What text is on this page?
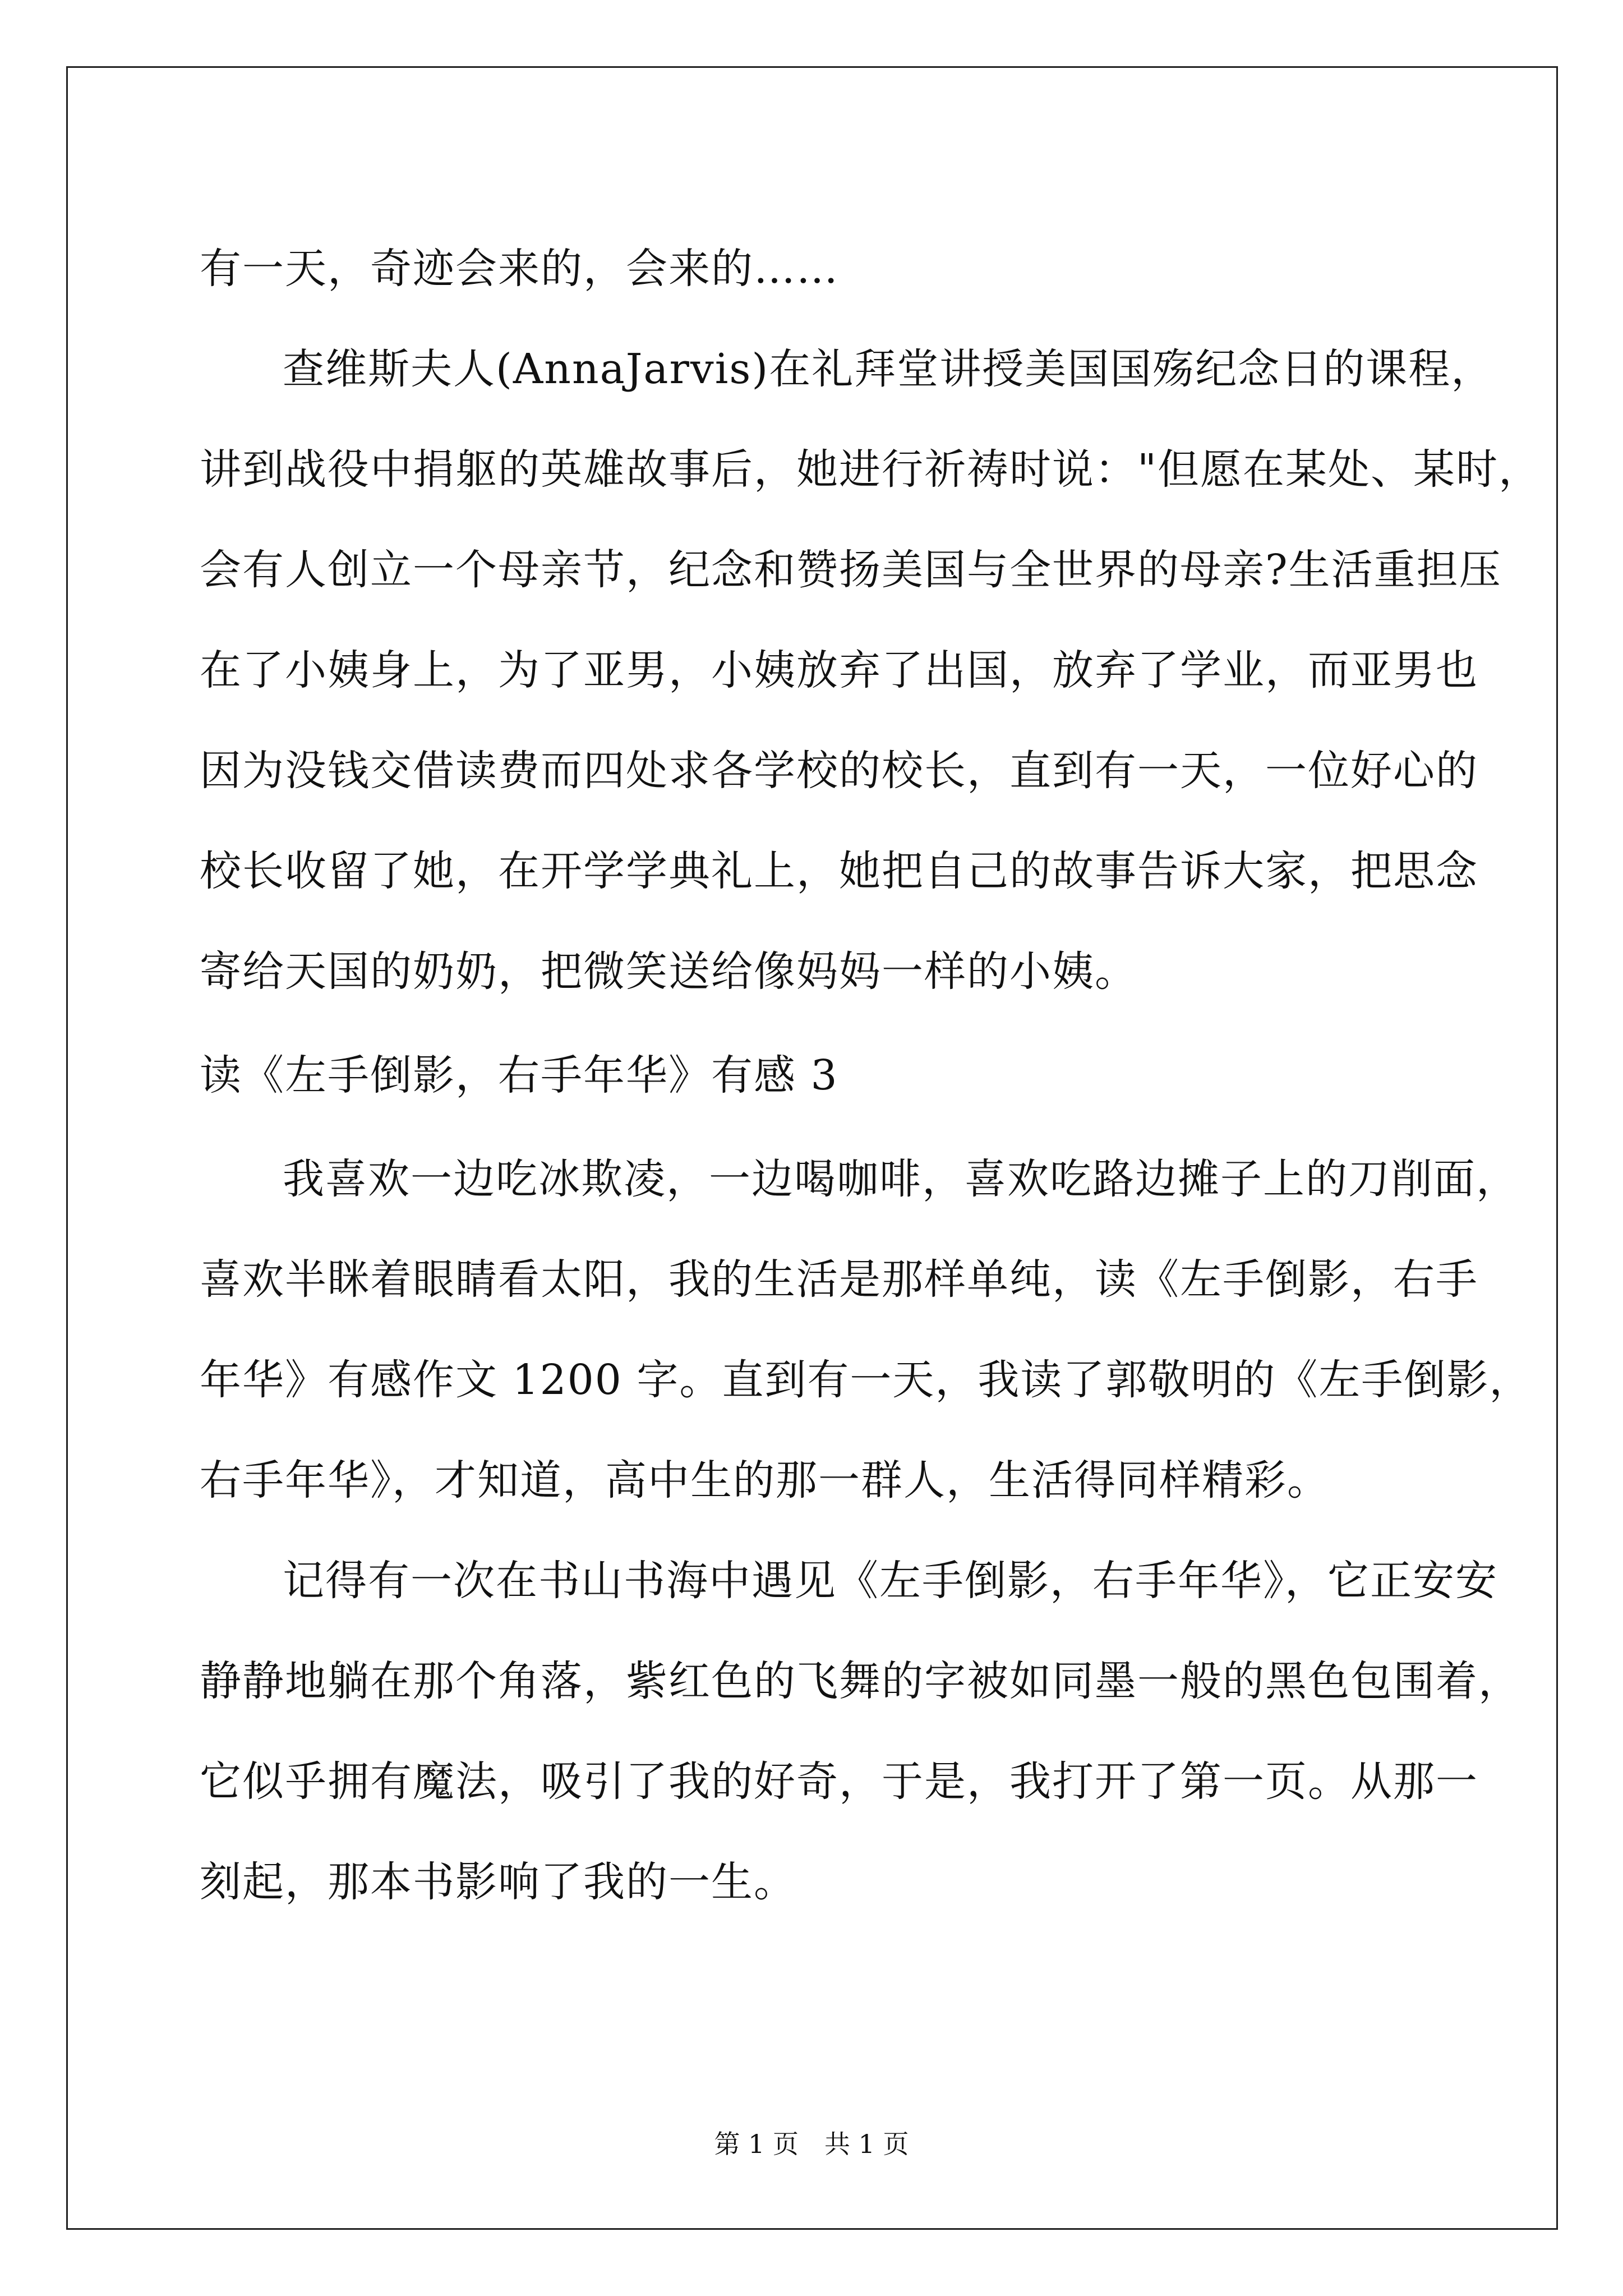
有一天，奇迹会来的，会来的……
查维斯夫人(AnnaJarvis)在礼拜堂讲授美国国殇纪念日的课程，
讲到战役中捐躯的英雄故事后，她进行祈祷时说："但愿在某处、某时，
会有人创立一个母亲节，纪念和赞扬美国与全世界的母亲?生活重担压
在了小姨身上，为了亚男，小姨放弃了出国，放弃了学业，而亚男也
因为没钱交借读费而四处求各学校的校长，直到有一天，一位好心的
校长收留了她，在开学学典礼上，她把自己的故事告诉大家，把思念
寄给天国的奶奶，把微笑送给像妈妈一样的小姨。
读《左手倒影，右手年华》有感 3
我喜欢一边吃冰欺凌，一边喝咖啡，喜欢吃路边摊子上的刀削面，
喜欢半眯着眼睛看太阳，我的生活是那样单纯，读《左手倒影，右手
年华》有感作文 1200 字。直到有一天，我读了郭敬明的《左手倒影，
右手年华》，才知道，高中生的那一群人，生活得同样精彩。
记得有一次在书山书海中遇见《左手倒影，右手年华》，它正安安
静静地躺在那个角落，紫红色的飞舞的字被如同墨一般的黑色包围着，
它似乎拥有魔法，吸引了我的好奇，于是，我打开了第一页。从那一
刻起，那本书影响了我的一生。
第 1 页　共 1 页
